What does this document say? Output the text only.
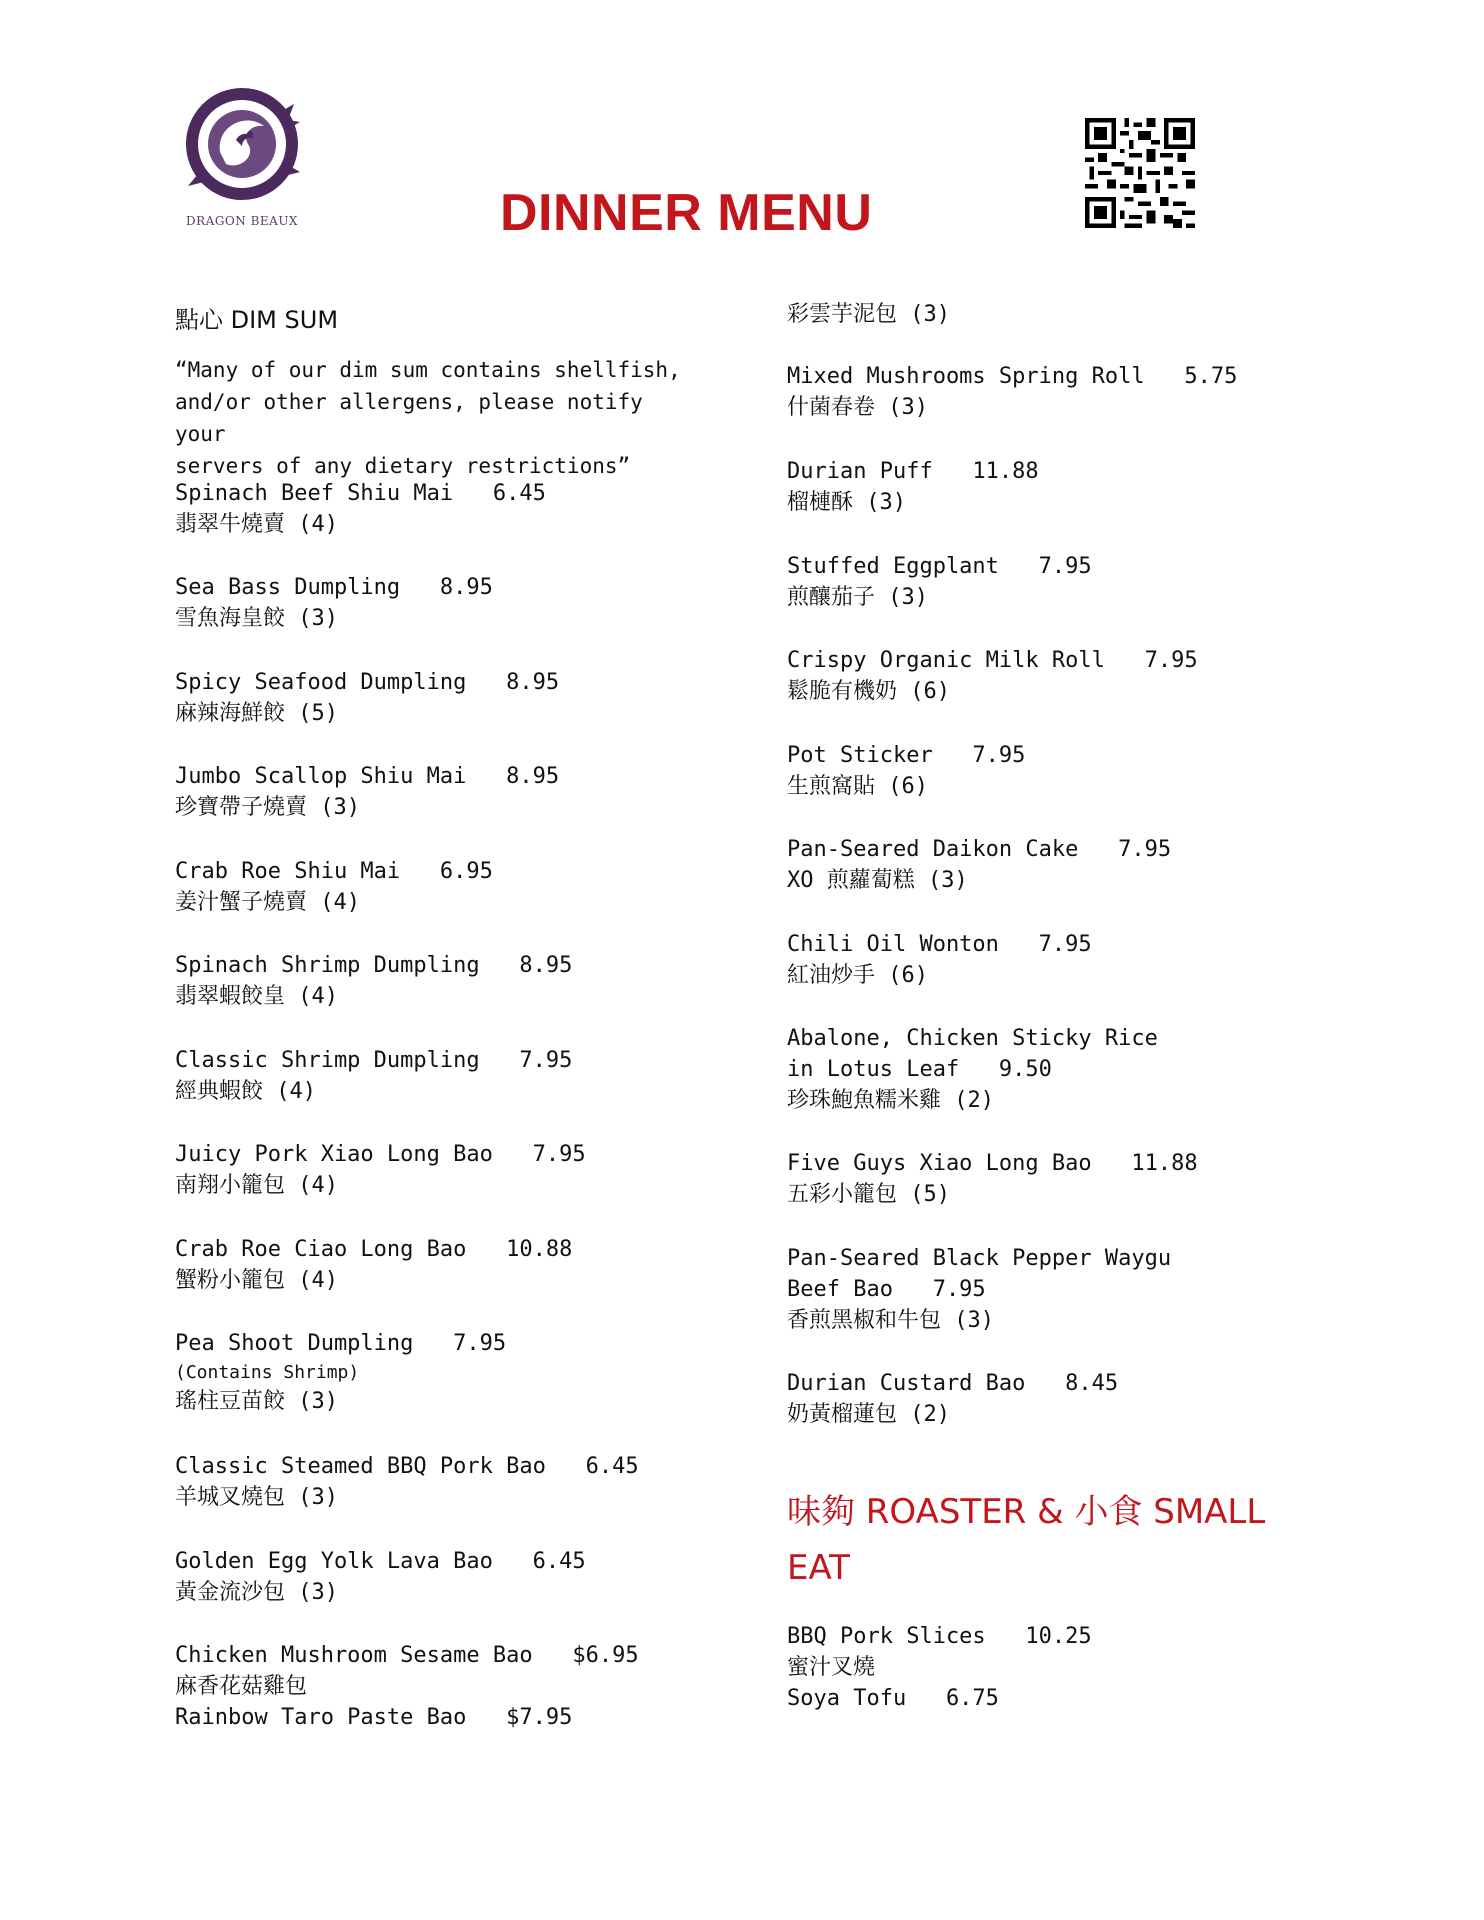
DRAGON BEAUX	DINNER MENU
點心 DIM SUM
“Many of our dim sum contains shellfish,
and/or other allergens, please notify your
servers of any dietary restrictions”
Spinach Beef Shiu Mai   6.45
翡翠牛燒賣 (4)
Sea Bass Dumpling   8.95
雪魚海皇餃 (3)
Spicy Seafood Dumpling   8.95
麻辣海鮮餃 (5)
Jumbo Scallop Shiu Mai   8.95
珍寶帶子燒賣 (3)
Crab Roe Shiu Mai   6.95
姜汁蟹子燒賣 (4)
Spinach Shrimp Dumpling   8.95
翡翠蝦餃皇 (4)
Classic Shrimp Dumpling   7.95
經典蝦餃 (4)
Juicy Pork Xiao Long Bao   7.95
南翔小籠包 (4)
Crab Roe Ciao Long Bao   10.88
蟹粉小籠包 (4)
Pea Shoot Dumpling   7.95
(Contains Shrimp)
瑤柱豆苗餃 (3)
Classic Steamed BBQ Pork Bao   6.45
羊城叉燒包 (3)
Golden Egg Yolk Lava Bao   6.45
黃金流沙包 (3)
Chicken Mushroom Sesame Bao   $6.95
麻香花菇雞包
Rainbow Taro Paste Bao   $7.95
彩雲芋泥包 (3)
Mixed Mushrooms Spring Roll   5.75
什菌春卷 (3)
Durian Puff   11.88
榴槤酥 (3)
Stuffed Eggplant   7.95
煎釀茄子 (3)
Crispy Organic Milk Roll   7.95
鬆脆有機奶 (6)
Pot Sticker   7.95
生煎窩貼 (6)
Pan-Seared Daikon Cake   7.95
XO 煎蘿蔔糕 (3)
Chili Oil Wonton   7.95
紅油炒手 (6)
Abalone, Chicken Sticky Rice
in Lotus Leaf   9.50
珍珠鮑魚糯米雞 (2)
Five Guys Xiao Long Bao   11.88
五彩小籠包 (5)
Pan-Seared Black Pepper Waygu
Beef Bao   7.95
香煎黑椒和牛包 (3)
Durian Custard Bao   8.45
奶黃榴蓮包 (2)
味夠 ROASTER & 小食 SMALL EAT
BBQ Pork Slices   10.25
蜜汁叉燒
Soya Tofu   6.75
